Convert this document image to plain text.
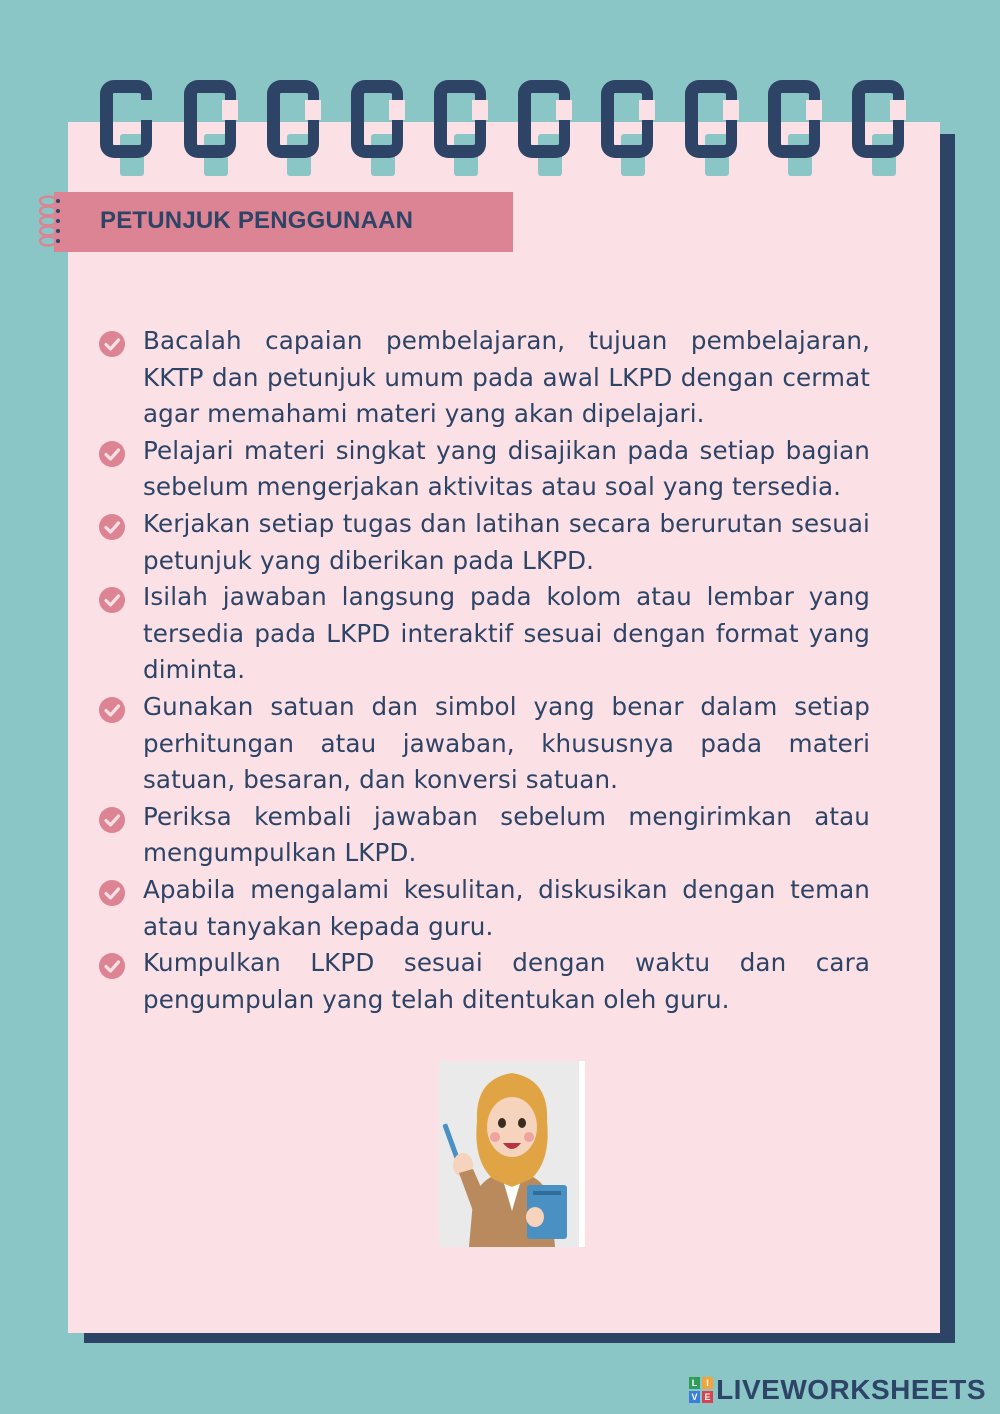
PETUNJUK PENGGUNAAN
Bacalah capaian pembelajaran, tujuan pembelajaran, KKTP dan petunjuk umum pada awal LKPD dengan cermat agar memahami materi yang akan dipelajari.
Pelajari materi singkat yang disajikan pada setiap bagian sebelum mengerjakan aktivitas atau soal yang tersedia.
Kerjakan setiap tugas dan latihan secara berurutan sesuai petunjuk yang diberikan pada LKPD.
Isilah jawaban langsung pada kolom atau lembar yang tersedia pada LKPD interaktif sesuai dengan format yang diminta.
Gunakan satuan dan simbol yang benar dalam setiap perhitungan atau jawaban, khususnya pada materi satuan, besaran, dan konversi satuan.
Periksa kembali jawaban sebelum mengirimkan atau mengumpulkan LKPD.
Apabila mengalami kesulitan, diskusikan dengan teman atau tanyakan kepada guru.
Kumpulkan LKPD sesuai dengan waktu dan cara pengumpulan yang telah ditentukan oleh guru.
L I
V E LIVEWORKSHEETS
